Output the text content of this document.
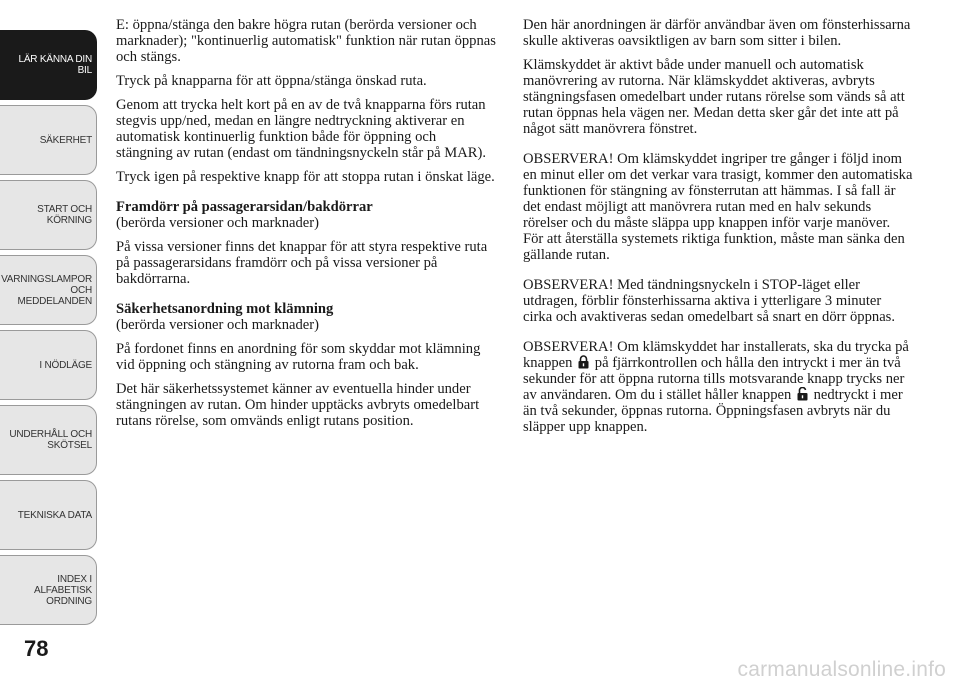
LÄR KÄNNA DIN
BIL
SÄKERHET
START OCH
KÖRNING
VARNINGSLAMPOR
OCH
MEDDELANDEN
I NÖDLÄGE
UNDERHÅLL OCH
SKÖTSEL
TEKNISKA DATA
INDEX I
ALFABETISK
ORDNING
78

E: öppna/stänga den bakre högra rutan (berörda versioner och marknader); "kontinuerlig automatisk" funktion när rutan öppnas och stängs.

Tryck på knapparna för att öppna/stänga önskad ruta.

Genom att trycka helt kort på en av de två knapparna förs rutan stegvis upp/ned, medan en längre nedtryckning aktiverar en automatisk kontinuerlig funktion både för öppning och stängning av rutan (endast om tändningsnyckeln står på MAR).

Tryck igen på respektive knapp för att stoppa rutan i önskat läge.

Framdörr på passagerarsidan/bakdörrar

(berörda versioner och marknader)

På vissa versioner finns det knappar för att styra respektive ruta på passagerarsidans framdörr och på vissa versioner på bakdörrarna.

Säkerhetsanordning mot klämning

(berörda versioner och marknader)

På fordonet finns en anordning för som skyddar mot klämning vid öppning och stängning av rutorna fram och bak.

Det här säkerhetssystemet känner av eventuella hinder under stängningen av rutan. Om hinder upptäcks avbryts omedelbart rutans rörelse, som omvänds enligt rutans position.

Den här anordningen är därför användbar även om fönsterhissarna skulle aktiveras oavsiktligen av barn som sitter i bilen.

Klämskyddet är aktivt både under manuell och automatisk manövrering av rutorna. När klämskyddet aktiveras, avbryts stängningsfasen omedelbart under rutans rörelse som vänds så att rutan öppnas hela vägen ner. Medan detta sker går det inte att på något sätt manövrera fönstret.

OBSERVERA! Om klämskyddet ingriper tre gånger i följd inom en minut eller om det verkar vara trasigt, kommer den automatiska funktionen för stängning av fönsterrutan att hämmas. I så fall är det endast möjligt att manövrera rutan med en halv sekunds rörelser och du måste släppa upp knappen inför varje manöver. För att återställa systemets riktiga funktion, måste man sänka den gällande rutan.

OBSERVERA! Med tändningsnyckeln i STOP-läget eller utdragen, förblir fönsterhissarna aktiva i ytterligare 3 minuter cirka och avaktiveras sedan omedelbart så snart en dörr öppnas.

OBSERVERA! Om klämskyddet har installerats, ska du trycka på knappen på fjärrkontrollen och hålla den intryckt i mer än två sekunder för att öppna rutorna tills motsvarande knapp trycks ner av användaren. Om du i stället håller knappen nedtryckt i mer än två sekunder, öppnas rutorna. Öppningsfasen avbryts när du släpper upp knappen.

carmanualsonline.info
